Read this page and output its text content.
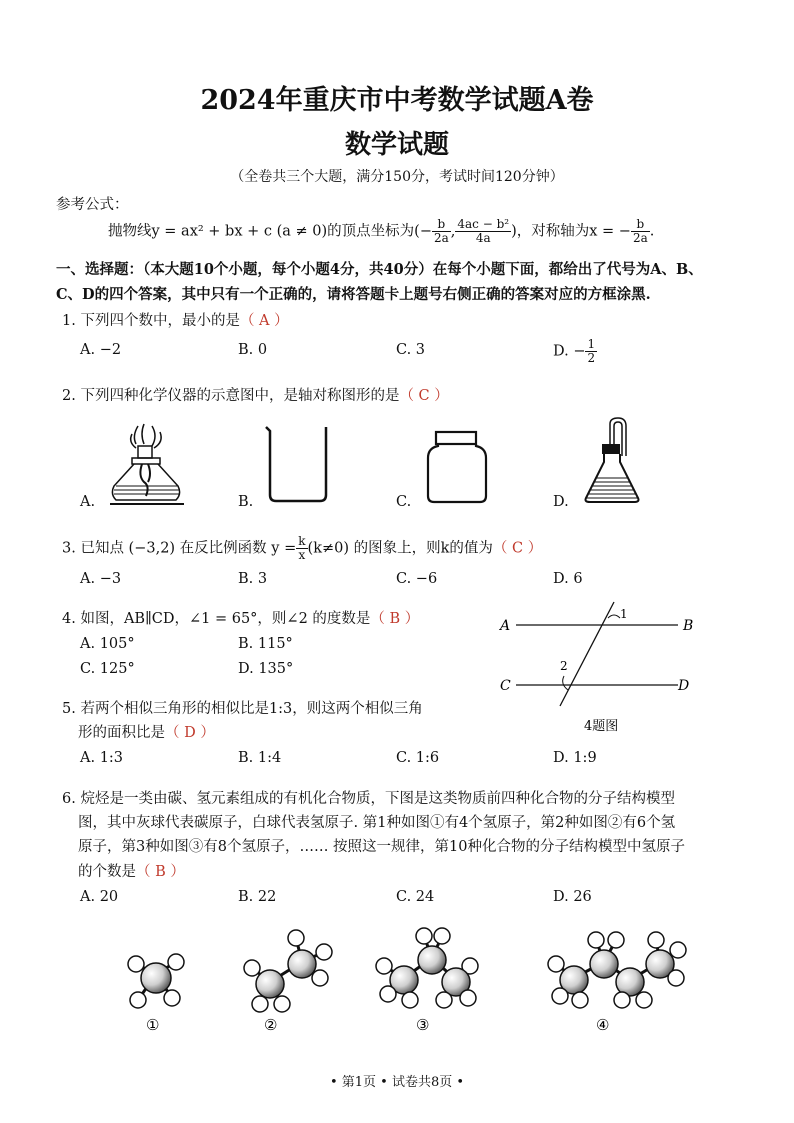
2024年重庆市中考数学试题A卷
数学试题
（全卷共三个大题，满分150分，考试时间120分钟）
参考公式：
抛物线y = ax² + bx + c (a ≠ 0)的顶点坐标为(− $\frac{b}{2a}$ , $\frac{\text{4ac − b²}}{4a}$ )，对称轴为x = − $\frac{b}{2a}$ .
一、选择题：（本大题10个小题，每个小题4分，共40分）在每个小题下面，都给出了代号为A、B、
C、D的四个答案，其中只有一个正确的，请将答题卡上题号右侧正确的答案对应的方框涂黑.
1. 下列四个数中，最小的是（ A ）
A. −2	B. 0	C. 3	D. − $\frac{1}{2}$
2. 下列四种化学仪器的示意图中，是轴对称图形的是（ C ）
A.	B.	C.	D.
3. 已知点 (−3,2) 在反比例函数 $y = \frac{k}{x} (k\ne 0)$ 的图象上，则k的值为（ C ）
A. −3	B. 3	C. −6	D. 6
4. 如图，AB∥CD，∠1 = 65°，则∠2 的度数是（ B ）
A. 105°	B. 115°
C. 125°	D. 135°
A	B
C	D
1
2
4题图
5. 若两个相似三角形的相似比是1:3，则这两个相似三角
形的面积比是（ D ）
A. 1:3	B. 1:4	C. 1:6	D. 1:9
6. 烷烃是一类由碳、氢元素组成的有机化合物质，下图是这类物质前四种化合物的分子结构模型
图，其中灰球代表碳原子，白球代表氢原子. 第1种如图①有4个氢原子，第2种如图②有6个氢
原子，第3种如图③有8个氢原子，…… 按照这一规律，第10种化合物的分子结构模型中氢原子
的个数是（ B ）
A. 20	B. 22	C. 24	D. 26
①	②	③	④
• 第1页 • 试卷共8页 •
